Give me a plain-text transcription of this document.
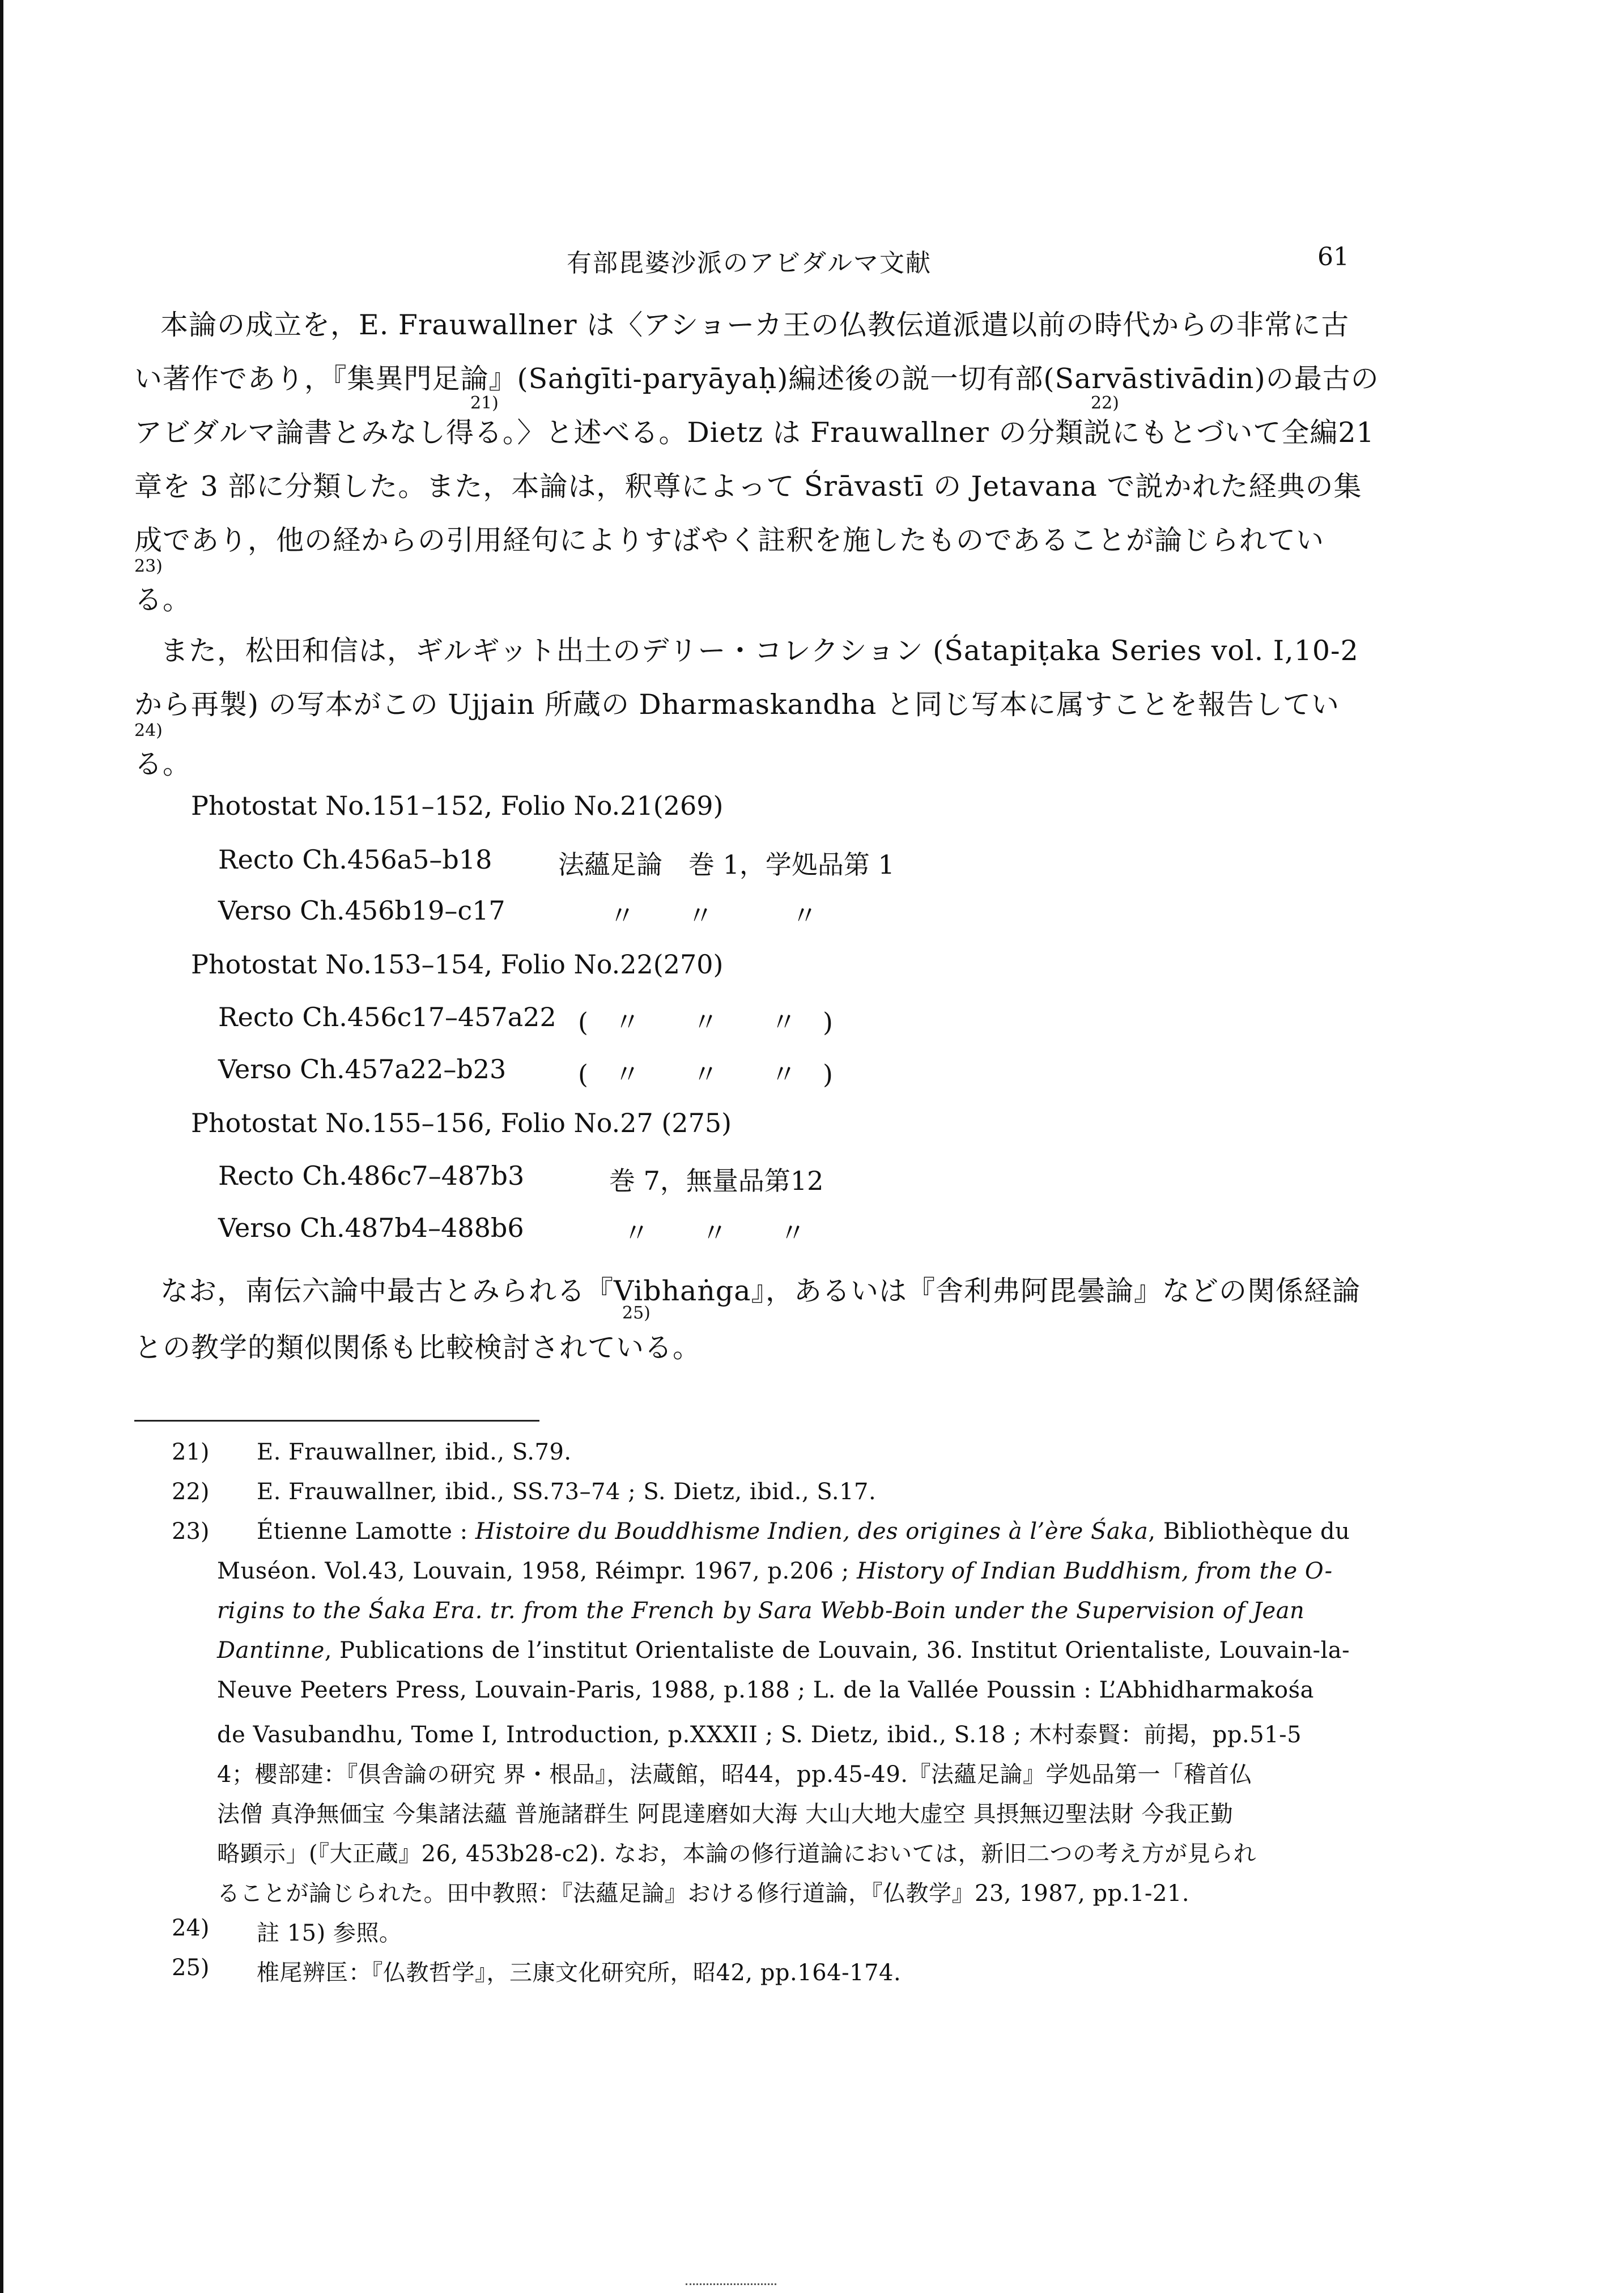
有部毘婆沙派のアビダルマ文献	61

本論の成立を，E. Frauwallner は〈アショーカ王の仏教伝道派遣以前の時代からの非常に古

い著作であり，『集異門足論』(Saṅgīti-paryāyaḥ)編述後の説一切有部(Sarvāstivādin)の最古の

アビダルマ論書とみなし得る。〉と述べる。Dietz は Frauwallner の分類説にもとづいて全編21

章を 3 部に分類した。また，本論は，釈尊によって Śrāvastī の Jetavana で説かれた経典の集

成であり，他の経からの引用経句によりすばやく註釈を施したものであることが論じられてい

る。

21)	22)
23)

また，松田和信は，ギルギット出土のデリー・コレクション (Śatapiṭaka Series vol. Ⅰ,10-2

から再製) の写本がこの Ujjain 所蔵の Dharmaskandha と同じ写本に属すことを報告してい

る。

24)

Photostat No.151–152, Folio No.21(269)

Recto Ch.456a5–b18	法蘊足論　巻 1，学処品第 1

Verso Ch.456b19–c17	〃　　〃　　　〃

Photostat No.153–154, Folio No.22(270)

Recto Ch.456c17–457a22 (　〃　　〃　　〃　)

Verso Ch.457a22–b23	(　〃　　〃　　〃　)

Photostat No.155–156, Folio No.27 (275)

Recto Ch.486c7–487b3	巻 7，無量品第12

Verso Ch.487b4–488b6	〃　　〃　　〃

なお，南伝六論中最古とみられる『Vibhaṅga』，あるいは『舎利弗阿毘曇論』などの関係経論

との教学的類似関係も比較検討されている。

25)
21) E. Frauwallner, ibid., S.79.

22) E. Frauwallner, ibid., SS.73–74 ; S. Dietz, ibid., S.17.

23) Étienne Lamotte : Histoire du Bouddhisme Indien, des origines à l’ère Śaka, Bibliothèque du

Muséon. Vol.43, Louvain, 1958, Réimpr. 1967, p.206 ; History of Indian Buddhism, from the O-

rigins to the Śaka Era. tr. from the French by Sara Webb-Boin under the Supervision of Jean

Dantinne, Publications de l’institut Orientaliste de Louvain, 36. Institut Orientaliste, Louvain-la-

Neuve Peeters Press, Louvain-Paris, 1988, p.188 ; L. de la Vallée Poussin : L’Abhidharmakośa

de Vasubandhu, Tome Ⅰ, Introduction, p.XXXII ; S. Dietz, ibid., S.18 ; 木村泰賢：前掲，pp.51-5

4；櫻部建：『倶舎論の研究 界・根品』，法蔵館，昭44，pp.45-49.『法蘊足論』学処品第一「稽首仏

法僧 真浄無価宝 今集諸法蘊 普施諸群生 阿毘達磨如大海 大山大地大虚空 具摂無辺聖法財 今我正勤

略顕示」(『大正蔵』26, 453b28-c2). なお，本論の修行道論においては，新旧二つの考え方が見られ

ることが論じられた。田中教照：『法蘊足論』おける修行道論，『仏教学』23, 1987, pp.1-21.

24) 註 15) 参照。

25) 椎尾辨匡：『仏教哲学』，三康文化研究所，昭42, pp.164-174.
